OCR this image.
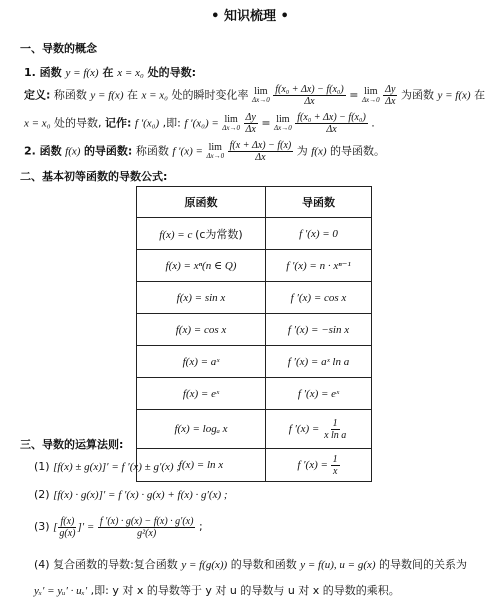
• 知识梳理 •
一、导数的概念
1. 函数 y = f(x) 在 x = x₀ 处的导数:
定义: 称函数 y = f(x) 在 x = x₀ 处的瞬时变化率 lim
Δx→0
$\frac{\text{f(x₀ + Δx) − f(x₀)}}{\Delta x} = \lim$
Δx→0
$\frac{\Delta y}{\Delta x}$ 为函数 y = f(x) 在
x = x₀ 处的导数, 记作: f ′(x₀) ,即: f ′(x₀) = lim
Δx→0
$\frac{\Delta y}{\Delta x} = \lim$
Δx→0
$\frac{\text{f(x₀ + Δx) − f(x₀)}}{\Delta x}$ .
2. 函数 f(x) 的导函数: 称函数 f ′(x) = lim
Δx→0
$\frac{f(x + \Delta x) - f(x)}{\Delta x}$ 为 f(x) 的导函数。
二、基本初等函数的导数公式:
原函数	导函数
f(x) = c (c为常数)	f ′(x) = 0
f(x) = xⁿ(n ∈ Q)	f ′(x) = n · xⁿ⁻¹
f(x) = sin x	f ′(x) = cos x
f(x) = cos x	f ′(x) = −sin x
f(x) = aˣ	f ′(x) = aˣ ln a
f(x) = eˣ	f ′(x) = eˣ
f(x) = logₐ x	f $'(x) = \frac{1}{\text{x ln a}}$

f(x) = ln x	f $'(x) = \frac{1}{x}$
三、导数的运算法则:
(1) [f(x) ± g(x)]′ = f ′(x) ± g′(x) ;
(2) [f(x) · g(x)]′ = f ′(x) · g(x) + f(x) · g′(x) ;
(3) [ $\frac{f(x)}{g(x)}$ ]′ = $\frac{f '(x) \cdot g(x) - f(x) \cdot g'(x)}{\text{g²(x)}}$ ;
(4) 复合函数的导数:复合函数 y = f(g(x)) 的导数和函数 y = f(u), u = g(x) 的导数间的关系为
yₓ′ = yᵤ′ · uₓ′ ,即: y 对 x 的导数等于 y 对 u 的导数与 u 对 x 的导数的乘积。
